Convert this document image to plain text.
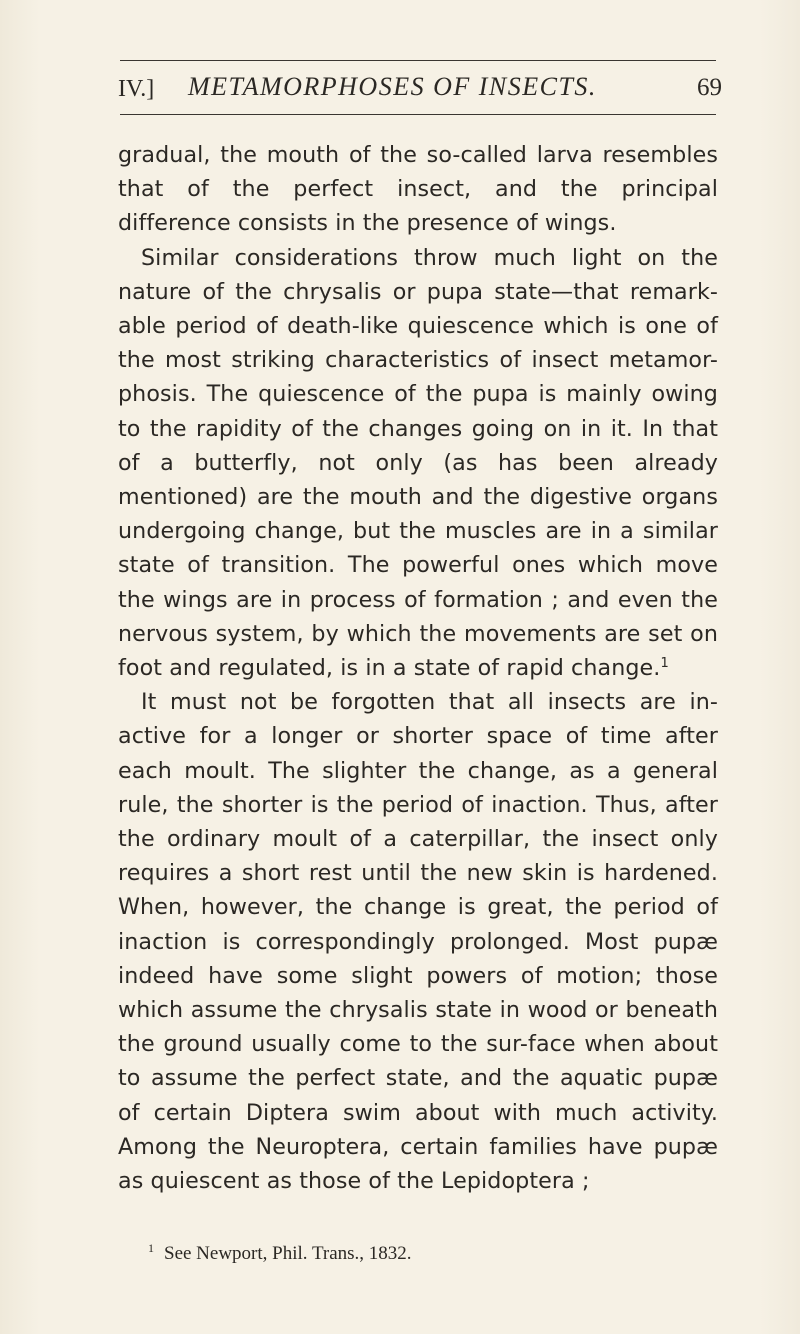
IV.] METAMORPHOSES OF INSECTS.	69

gradual, the mouth of the so-called larva resembles that of the perfect insect, and the principal difference consists in the presence of wings.

Similar considerations throw much light on the nature of the chrysalis or pupa state—that remark-able period of death-like quiescence which is one of the most striking characteristics of insect metamor-phosis. The quiescence of the pupa is mainly owing to the rapidity of the changes going on in it. In that of a butterfly, not only (as has been already mentioned) are the mouth and the digestive organs undergoing change, but the muscles are in a similar state of transition. The powerful ones which move the wings are in process of formation ; and even the nervous system, by which the movements are set on foot and regulated, is in a state of rapid change.$^1$

It must not be forgotten that all insects are in-active for a longer or shorter space of time after each moult. The slighter the change, as a general rule, the shorter is the period of inaction. Thus, after the ordinary moult of a caterpillar, the insect only requires a short rest until the new skin is hardened. When, however, the change is great, the period of inaction is correspondingly prolonged. Most pupæ indeed have some slight powers of motion; those which assume the chrysalis state in wood or beneath the ground usually come to the sur-face when about to assume the perfect state, and the aquatic pupæ of certain Diptera swim about with much activity. Among the Neuroptera, certain families have pupæ as quiescent as those of the Lepidoptera ;

$^1$ See Newport, Phil. Trans., 1832.
